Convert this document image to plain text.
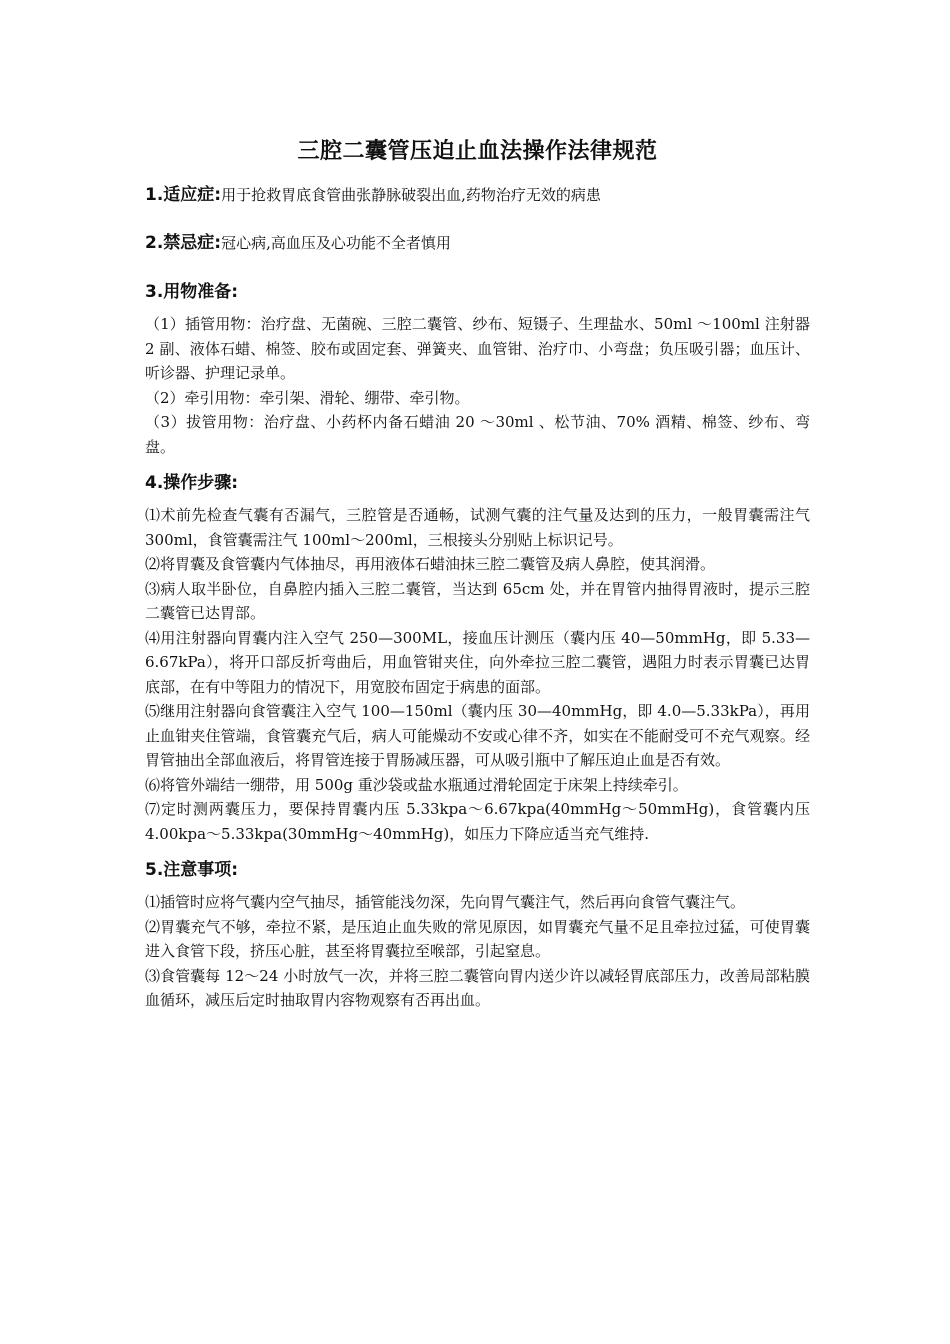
三腔二囊管压迫止血法操作法律规范

1.适应症:用于抢救胃底食管曲张静脉破裂出血,药物治疗无效的病患

2.禁忌症:冠心病,高血压及心功能不全者慎用

3.用物准备:

（1）插管用物：治疗盘、无菌碗、三腔二囊管、纱布、短镊子、生理盐水、50ml ～100ml 注射器 2 副、液体石蜡、棉签、胶布或固定套、弹簧夹、血管钳、治疗巾、小弯盘；负压吸引器；血压计、听诊器、护理记录单。

（2）牵引用物：牵引架、滑轮、绷带、牵引物。

（3）拔管用物：治疗盘、小药杯内备石蜡油 20 ～30ml 、松节油、70% 酒精、棉签、纱布、弯盘。

4.操作步骤:

⑴术前先检查气囊有否漏气，三腔管是否通畅，试测气囊的注气量及达到的压力，一般胃囊需注气 300ml，食管囊需注气 100ml～200ml，三根接头分别贴上标识记号。

⑵将胃囊及食管囊内气体抽尽，再用液体石蜡油抹三腔二囊管及病人鼻腔，使其润滑。

⑶病人取半卧位，自鼻腔内插入三腔二囊管，当达到 65cm 处，并在胃管内抽得胃液时，提示三腔二囊管已达胃部。

⑷用注射器向胃囊内注入空气 250—300ML，接血压计测压（囊内压 40—50mmHg，即 5.33—6.67kPa），将开口部反折弯曲后，用血管钳夹住，向外牵拉三腔二囊管，遇阻力时表示胃囊已达胃底部，在有中等阻力的情况下，用宽胶布固定于病患的面部。

⑸继用注射器向食管囊注入空气 100—150ml（囊内压 30—40mmHg，即 4.0—5.33kPa），再用止血钳夹住管端，食管囊充气后，病人可能燥动不安或心律不齐，如实在不能耐受可不充气观察。经胃管抽出全部血液后，将胃管连接于胃肠减压器，可从吸引瓶中了解压迫止血是否有效。

⑹将管外端结一绷带，用 500g 重沙袋或盐水瓶通过滑轮固定于床架上持续牵引。

⑺定时测两囊压力，要保持胃囊内压 5.33kpa～6.67kpa(40mmHg～50mmHg)，食管囊内压 4.00kpa～5.33kpa(30mmHg～40mmHg)，如压力下降应适当充气维持.

5.注意事项:

⑴插管时应将气囊内空气抽尽，插管能浅勿深，先向胃气囊注气，然后再向食管气囊注气。

⑵胃囊充气不够，牵拉不紧，是压迫止血失败的常见原因，如胃囊充气量不足且牵拉过猛，可使胃囊进入食管下段，挤压心脏，甚至将胃囊拉至喉部，引起窒息。

⑶食管囊每 12～24 小时放气一次，并将三腔二囊管向胃内送少许以减轻胃底部压力，改善局部粘膜血循环，减压后定时抽取胃内容物观察有否再出血。
